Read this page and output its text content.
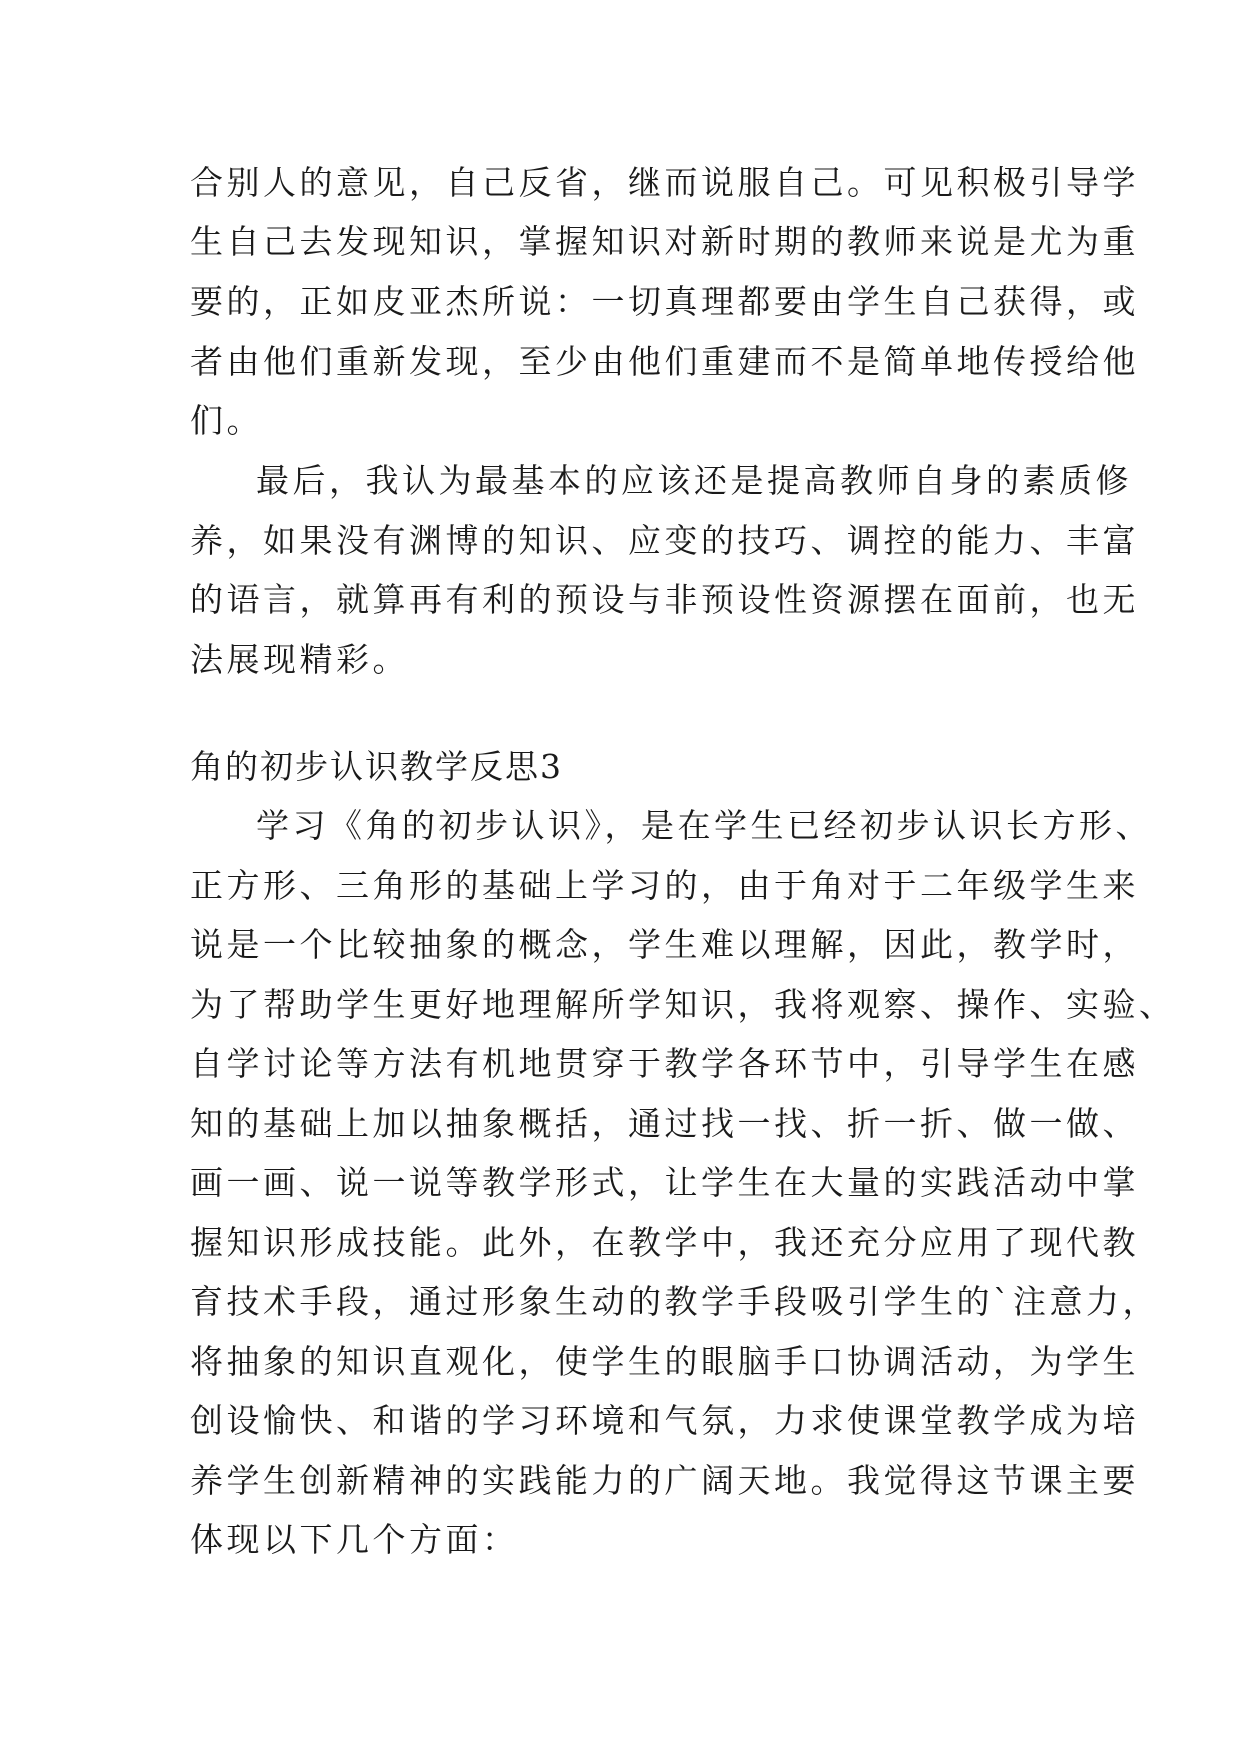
合别人的意见，自己反省，继而说服自己。可见积极引导学
生自己去发现知识，掌握知识对新时期的教师来说是尤为重
要的，正如皮亚杰所说：一切真理都要由学生自己获得，或
者由他们重新发现，至少由他们重建而不是简单地传授给他
们。
最后，我认为最基本的应该还是提高教师自身的素质修
养，如果没有渊博的知识、应变的技巧、调控的能力、丰富
的语言，就算再有利的预设与非预设性资源摆在面前，也无
法展现精彩。
角的初步认识教学反思3
学习《角的初步认识》，是在学生已经初步认识长方形、
正方形、三角形的基础上学习的，由于角对于二年级学生来
说是一个比较抽象的概念，学生难以理解，因此，教学时，
为了帮助学生更好地理解所学知识，我将观察、操作、实验、
自学讨论等方法有机地贯穿于教学各环节中，引导学生在感
知的基础上加以抽象概括，通过找一找、折一折、做一做、
画一画、说一说等教学形式，让学生在大量的实践活动中掌
握知识形成技能。此外，在教学中，我还充分应用了现代教
育技术手段，通过形象生动的教学手段吸引学生的`注意力，
将抽象的知识直观化，使学生的眼脑手口协调活动，为学生
创设愉快、和谐的学习环境和气氛，力求使课堂教学成为培
养学生创新精神的实践能力的广阔天地。我觉得这节课主要
体现以下几个方面：
